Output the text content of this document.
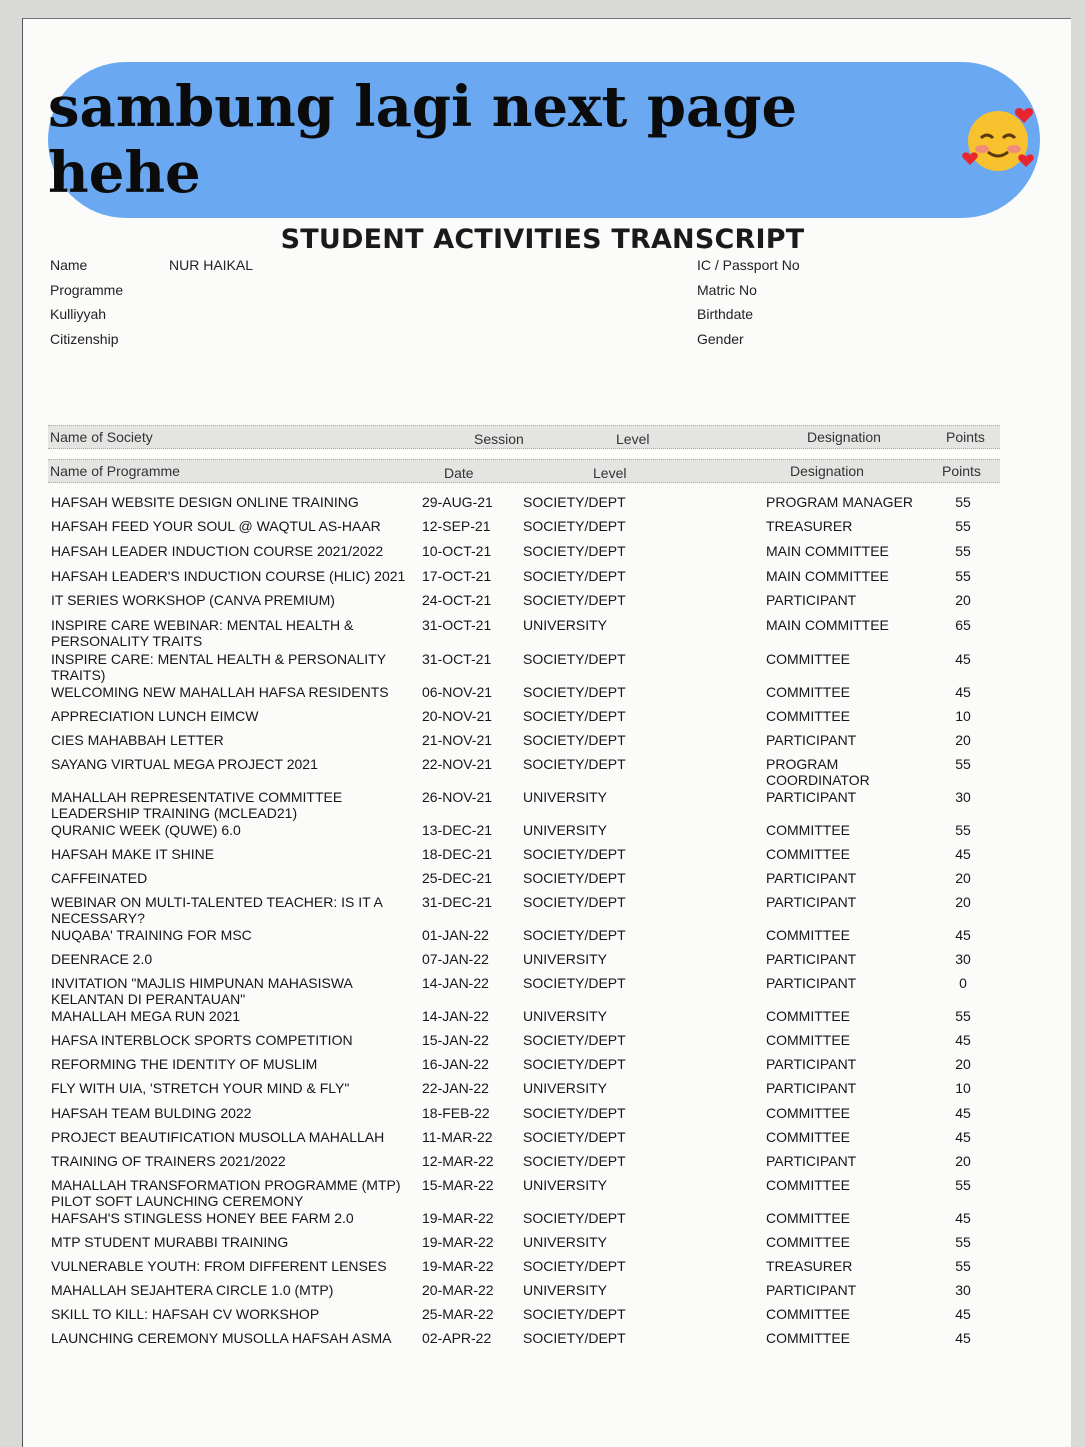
sambung lagi next page hehe
STUDENT ACTIVITIES TRANSCRIPT
Name	NUR HAIKAL
Programme
Kulliyyah
Citizenship
IC / Passport No
Matric No
Birthdate
Gender
Name of Society	Session	Level	Designation	Points
Name of Programme	Date	Level	Designation	Points
HAFSAH WEBSITE DESIGN ONLINE TRAINING	29-AUG-21	SOCIETY/DEPT	PROGRAM MANAGER	55
HAFSAH FEED YOUR SOUL @ WAQTUL AS-HAAR	12-SEP-21	SOCIETY/DEPT	TREASURER	55
HAFSAH LEADER INDUCTION COURSE 2021/2022	10-OCT-21	SOCIETY/DEPT	MAIN COMMITTEE	55
HAFSAH LEADER'S INDUCTION COURSE (HLIC) 2021 17-OCT-21	SOCIETY/DEPT	MAIN COMMITTEE	55
IT SERIES WORKSHOP (CANVA PREMIUM)	24-OCT-21	SOCIETY/DEPT	PARTICIPANT	20
INSPIRE CARE WEBINAR: MENTAL HEALTH & PERSONALITY TRAITS
31-OCT-21	UNIVERSITY	MAIN COMMITTEE	65
INSPIRE CARE: MENTAL HEALTH & PERSONALITY TRAITS)
31-OCT-21	SOCIETY/DEPT	COMMITTEE	45
WELCOMING NEW MAHALLAH HAFSA RESIDENTS	06-NOV-21	SOCIETY/DEPT	COMMITTEE	45
APPRECIATION LUNCH EIMCW	20-NOV-21	SOCIETY/DEPT	COMMITTEE	10
CIES MAHABBAH LETTER	21-NOV-21	SOCIETY/DEPT	PARTICIPANT	20
SAYANG VIRTUAL MEGA PROJECT 2021	22-NOV-21	SOCIETY/DEPT	PROGRAM COORDINATOR
55
MAHALLAH REPRESENTATIVE COMMITTEE LEADERSHIP TRAINING (MCLEAD21)
26-NOV-21	UNIVERSITY	PARTICIPANT	30
QURANIC WEEK (QUWE) 6.0	13-DEC-21	UNIVERSITY	COMMITTEE	55
HAFSAH MAKE IT SHINE	18-DEC-21	SOCIETY/DEPT	COMMITTEE	45
CAFFEINATED	25-DEC-21	SOCIETY/DEPT	PARTICIPANT	20
WEBINAR ON MULTI-TALENTED TEACHER: IS IT A NECESSARY?
31-DEC-21	SOCIETY/DEPT	PARTICIPANT	20
NUQABA' TRAINING FOR MSC	01-JAN-22	SOCIETY/DEPT	COMMITTEE	45
DEENRACE 2.0	07-JAN-22	UNIVERSITY	PARTICIPANT	30
INVITATION "MAJLIS HIMPUNAN MAHASISWA KELANTAN DI PERANTAUAN"
14-JAN-22	SOCIETY/DEPT	PARTICIPANT	0
MAHALLAH MEGA RUN 2021	14-JAN-22	UNIVERSITY	COMMITTEE	55
HAFSA INTERBLOCK SPORTS COMPETITION	15-JAN-22	SOCIETY/DEPT	COMMITTEE	45
REFORMING THE IDENTITY OF MUSLIM	16-JAN-22	SOCIETY/DEPT	PARTICIPANT	20
FLY WITH UIA, 'STRETCH YOUR MIND & FLY"	22-JAN-22	UNIVERSITY	PARTICIPANT	10
HAFSAH TEAM BULDING 2022	18-FEB-22	SOCIETY/DEPT	COMMITTEE	45
PROJECT BEAUTIFICATION MUSOLLA MAHALLAH	11-MAR-22	SOCIETY/DEPT	COMMITTEE	45
TRAINING OF TRAINERS 2021/2022	12-MAR-22	SOCIETY/DEPT	PARTICIPANT	20
MAHALLAH TRANSFORMATION PROGRAMME (MTP) PILOT SOFT LAUNCHING CEREMONY
15-MAR-22	UNIVERSITY	COMMITTEE	55
HAFSAH'S STINGLESS HONEY BEE FARM 2.0	19-MAR-22	SOCIETY/DEPT	COMMITTEE	45
MTP STUDENT MURABBI TRAINING	19-MAR-22	UNIVERSITY	COMMITTEE	55
VULNERABLE YOUTH: FROM DIFFERENT LENSES	19-MAR-22	SOCIETY/DEPT	TREASURER	55
MAHALLAH SEJAHTERA CIRCLE 1.0 (MTP)	20-MAR-22	UNIVERSITY	PARTICIPANT	30
SKILL TO KILL: HAFSAH CV WORKSHOP	25-MAR-22	SOCIETY/DEPT	COMMITTEE	45
LAUNCHING CEREMONY MUSOLLA HAFSAH ASMA	02-APR-22	SOCIETY/DEPT	COMMITTEE	45
